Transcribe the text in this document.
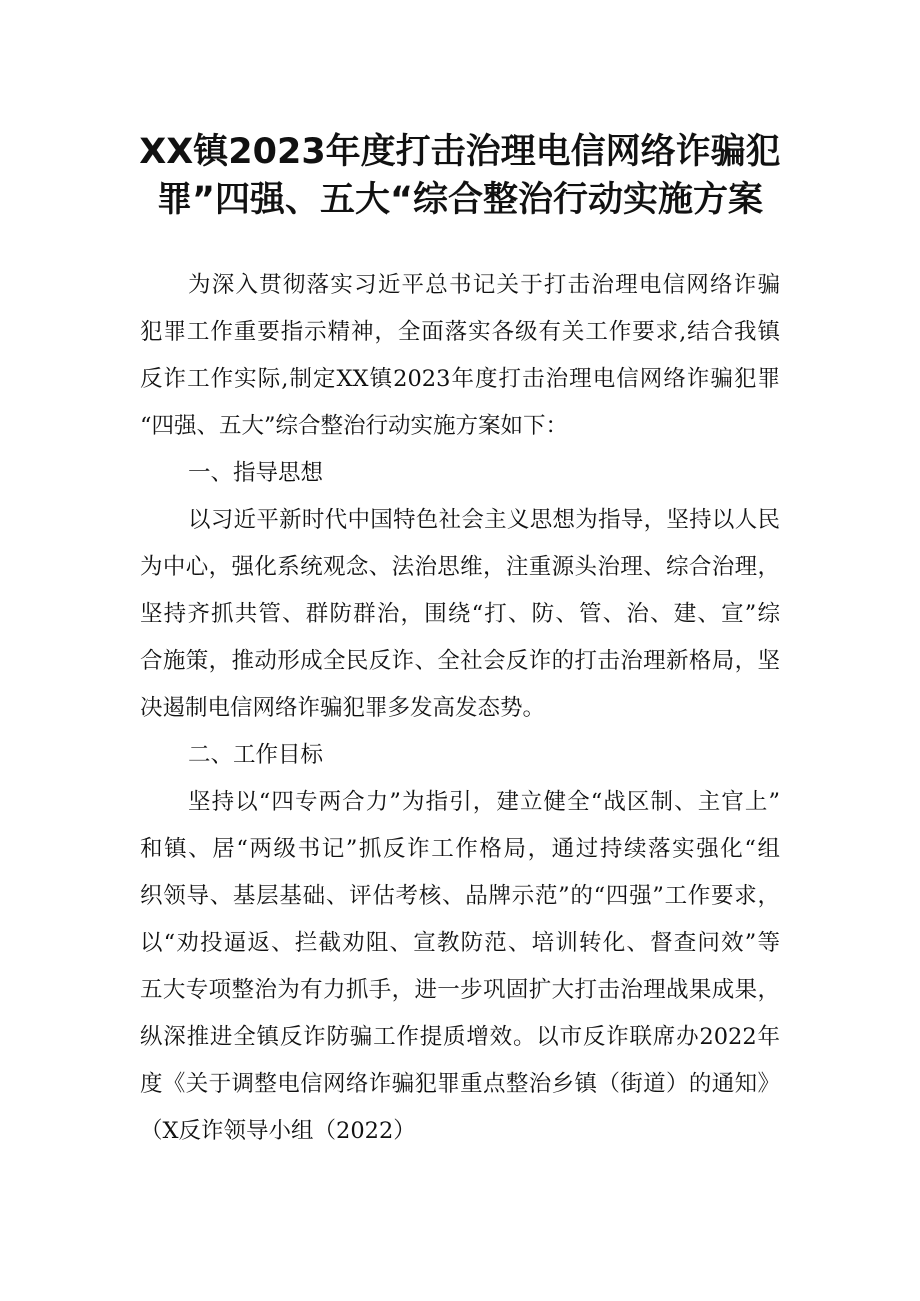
XX镇2023年度打击治理电信网络诈骗犯
罪”四强、五大“综合整治行动实施方案
为深入贯彻落实习近平总书记关于打击治理电信网络诈骗
犯罪工作重要指示精神，全面落实各级有关工作要求,结合我镇
反诈工作实际,制定XX镇2023年度打击治理电信网络诈骗犯罪
“四强、五大”综合整治行动实施方案如下：
一、指导思想
以习近平新时代中国特色社会主义思想为指导，坚持以人民
为中心，强化系统观念、法治思维，注重源头治理、综合治理，
坚持齐抓共管、群防群治，围绕“打、防、管、治、建、宣”综
合施策，推动形成全民反诈、全社会反诈的打击治理新格局，坚
决遏制电信网络诈骗犯罪多发高发态势。
二、工作目标
坚持以“四专两合力”为指引，建立健全“战区制、主官上”
和镇、居“两级书记”抓反诈工作格局，通过持续落实强化“组
织领导、基层基础、评估考核、品牌示范”的“四强”工作要求，
以“劝投逼返、拦截劝阻、宣教防范、培训转化、督查问效”等
五大专项整治为有力抓手，进一步巩固扩大打击治理战果成果，
纵深推进全镇反诈防骗工作提质增效。以市反诈联席办2022年
度《关于调整电信网络诈骗犯罪重点整治乡镇（街道）的通知》
（X反诈领导小组（2022）
